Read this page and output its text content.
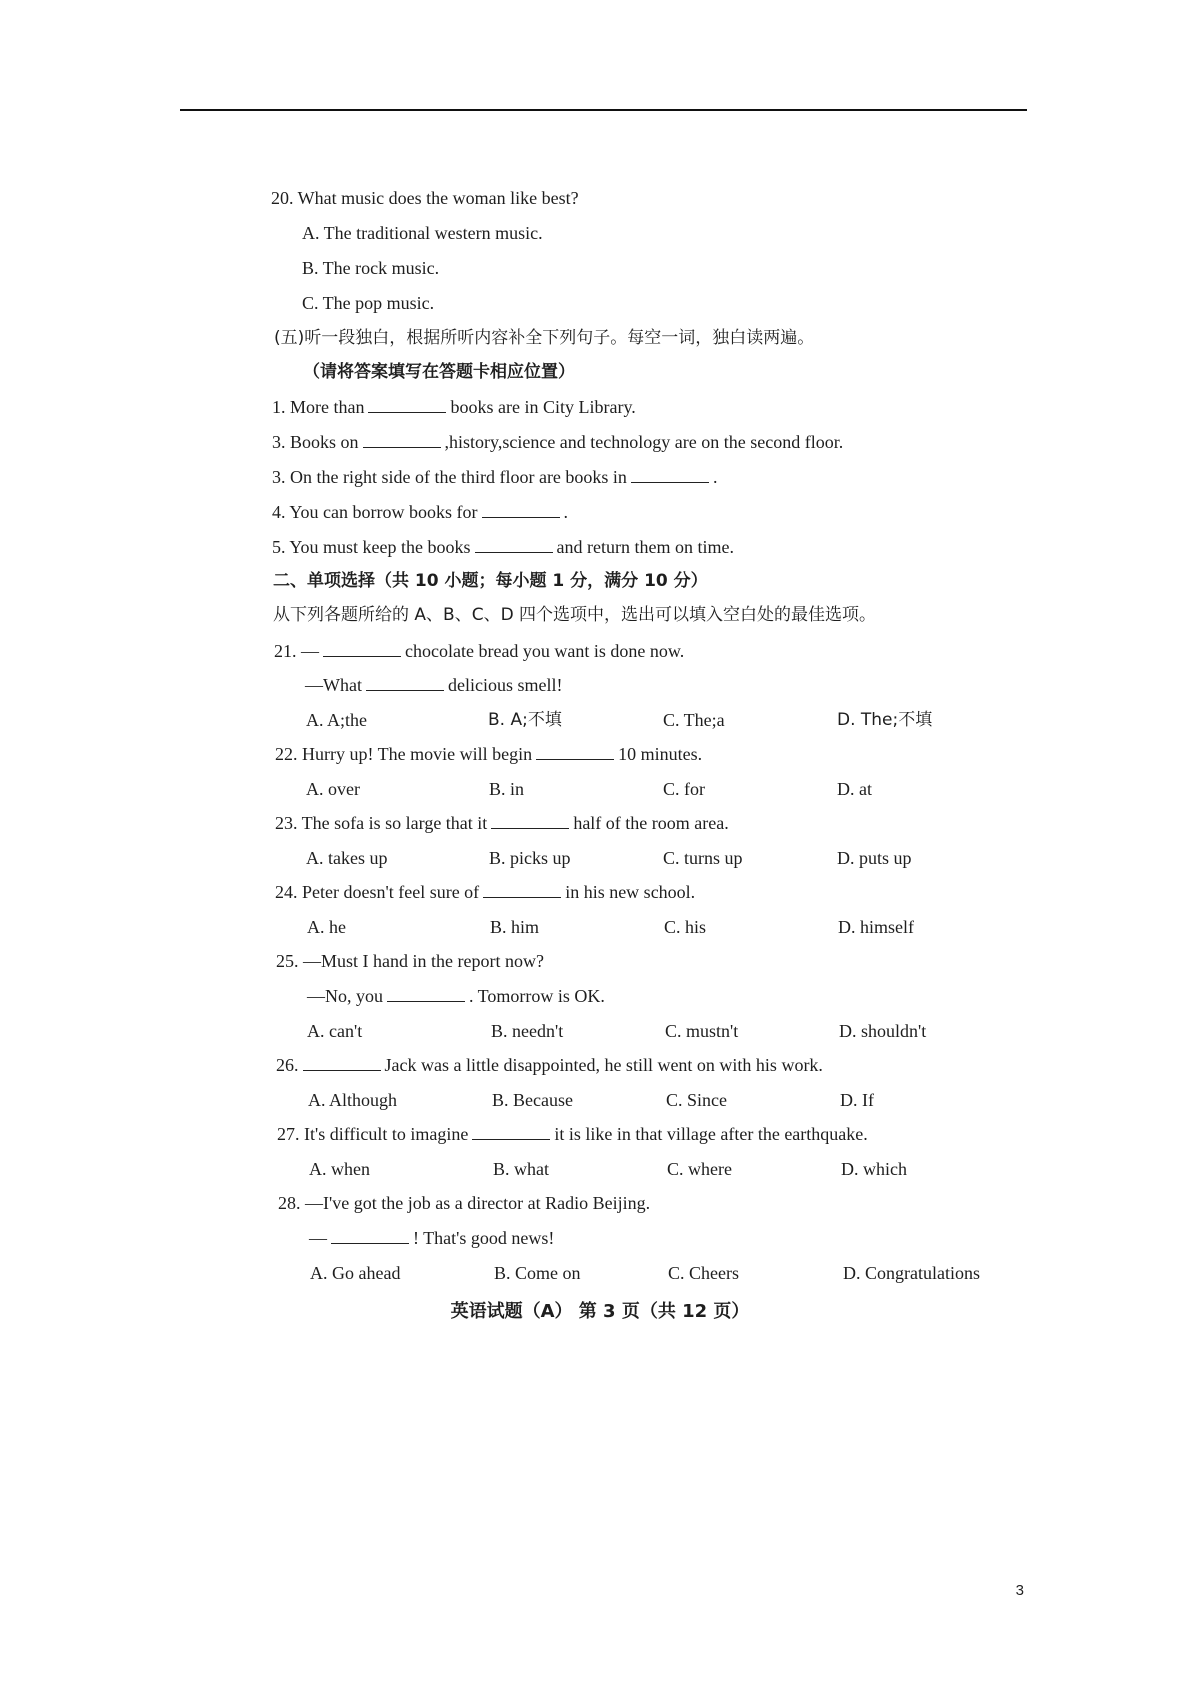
20. What music does the woman like best?
A. The traditional western music.
B. The rock music.
C. The pop music.
(五)听一段独白，根据所听内容补全下列句子。每空一词，独白读两遍。
（请将答案填写在答题卡相应位置）
1. More than	books are in City Library.
3. Books on	,history,science and technology are on the second floor.
3. On the right side of the third floor are books in	.
4. You can borrow books for	.
5. You must keep the books	and return them on time.
二、单项选择（共 10 小题；每小题 1 分，满分 10 分）
从下列各题所给的 A、B、C、D 四个选项中，选出可以填入空白处的最佳选项。
21. —	chocolate bread you want is done now.
—What	delicious smell!
A. A;the	B. A;不填	C. The;a	D. The;不填
22. Hurry up! The movie will begin	10 minutes.
A. over	B. in	C. for	D. at
23. The sofa is so large that it	half of the room area.
A. takes up	B. picks up	C. turns up	D. puts up
24. Peter doesn't feel sure of	in his new school.
A. he	B. him	C. his	D. himself
25. —Must I hand in the report now?
—No, you	. Tomorrow is OK.
A. can't	B. needn't	C. mustn't	D. shouldn't
26.	Jack was a little disappointed, he still went on with his work.
A. Although	B. Because	C. Since	D. If
27. It's difficult to imagine	it is like in that village after the earthquake.
A. when	B. what	C. where	D. which
28. —I've got the job as a director at Radio Beijing.
—	! That's good news!
A. Go ahead	B. Come on	C. Cheers	D. Congratulations
英语试题（A） 第 3 页（共 12 页）
3
